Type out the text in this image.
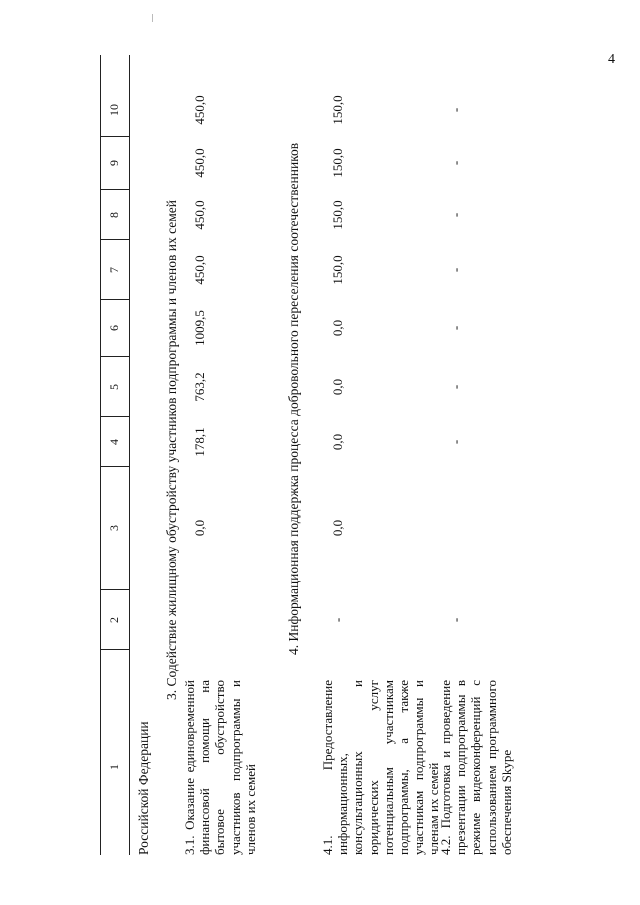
4
1
2
3
4
5
6
7
8
9
10
Российской Федерации
3. Содействие жилищному обустройству участников подпрограммы и членов их семей
3.1. Оказание единовременной финансовой помощи на бытовое обустройство участников подпрограммы и членов их семей
0,0
178,1
763,2
1009,5
450,0
450,0
450,0
450,0
4. Информационная поддержка процесса добровольного переселения соотечественников
4.1. Предоставление информационных, консультационных и юридических услуг потенциальным участникам подпрограммы, а также участникам подпрограммы и членам их семей
-
0,0
0,0
0,0
0,0
150,0
150,0
150,0
150,0
4.2. Подготовка и проведение презентации подпрограммы в режиме видеоконференций с использованием программного обеспечения Skype
-
-
-
-
-
-
-
-
